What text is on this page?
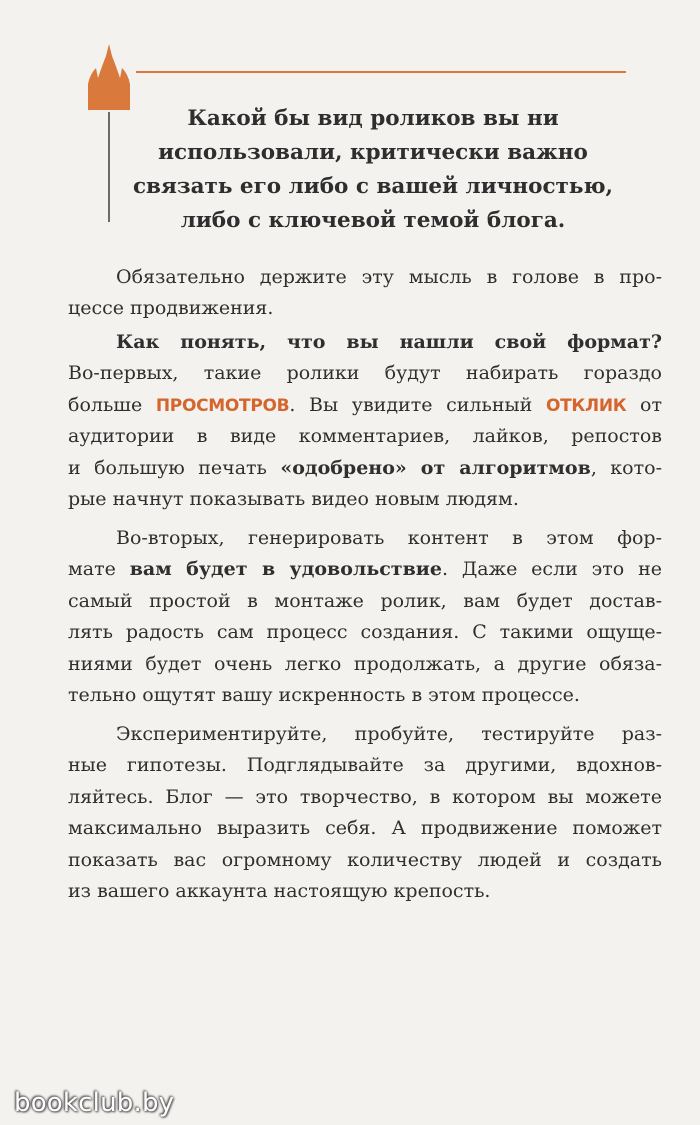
Какой бы вид роликов вы ни
использовали, критически важно
связать его либо с вашей личностью,
либо с ключевой темой блога.
Обязательно держите эту мысль в голове в про-
цессе продвижения.
Как понять, что вы нашли свой формат?
Во-первых, такие ролики будут набирать гораздо
больше ПРОСМОТРОВ. Вы увидите сильный ОТКЛИК от
аудитории в виде комментариев, лайков, репостов
и большую печать «одобрено» от алгоритмов, кото-
рые начнут показывать видео новым людям.
Во-вторых, генерировать контент в этом фор-
мате вам будет в удовольствие. Даже если это не
самый простой в монтаже ролик, вам будет достав-
лять радость сам процесс создания. С такими ощуще-
ниями будет очень легко продолжать, а другие обяза-
тельно ощутят вашу искренность в этом процессе.
Экспериментируйте, пробуйте, тестируйте раз-
ные гипотезы. Подглядывайте за другими, вдохнов-
ляйтесь. Блог — это творчество, в котором вы можете
максимально выразить себя. А продвижение поможет
показать вас огромному количеству людей и создать
из вашего аккаунта настоящую крепость.
bookclub.by
